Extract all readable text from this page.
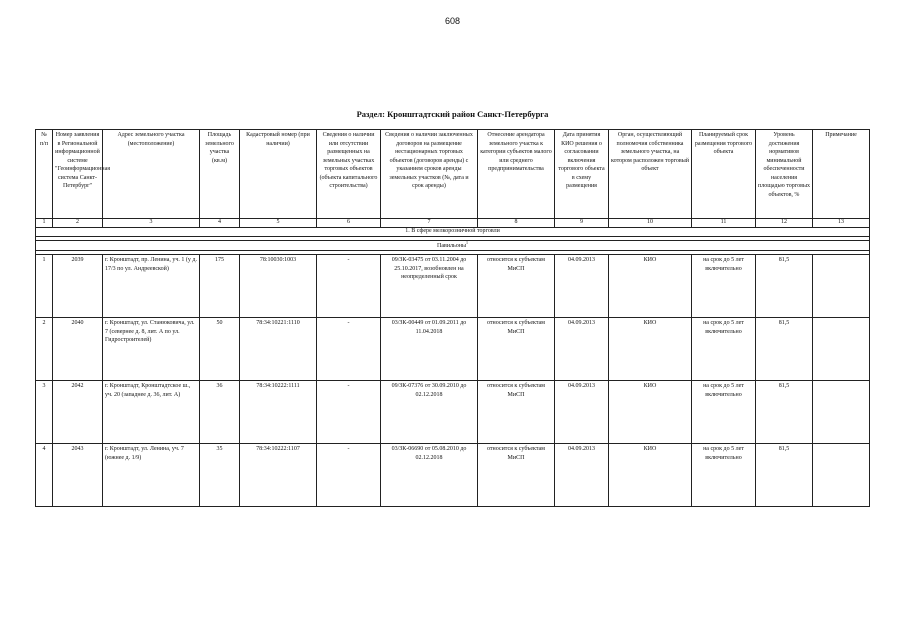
608
Раздел: Кронштадтский район Санкт-Петербурга
№ п/п	Номер заявления в Региональной информационной системе "Геоинформационная система Санкт-Петербург"	Адрес земельного участка (местоположение)	Площадь земельного участка (кв.м)	Кадастровый номер (при наличии)	Сведения о наличии или отсутствии размещенных на земельных участках торговых объектов (объекта капитального строительства)	Сведения о наличии заключенных договоров на размещение нестационарных торговых объектов (договоров аренды) с указанием сроков аренды земельных участков (№, дата и срок аренды)	Отнесение арендатора земельного участка к категории субъектов малого или среднего предпринимательства	Дата принятия КИО решения о согласовании включения торгового объекта в схему размещения	Орган, осуществляющий полномочия собственника земельного участка, на котором расположен торговый объект	Планируемый срок размещения торгового объекта	Уровень достижения нормативов минимальной обеспеченности населения площадью торговых объектов, %	Примечание
1	2	3	4	5	6	7	8	9	10	11	12	13
1. В сфере мелкорозничной торговли												

Павильоны$^1$

1	2039	г. Кронштадт, пр. Ленина, уч. 1 (у д. 17/3 по ул. Андреевской)	175	78:10030:1003	-	09/ЗК-03475 от 03.11.2004 до 25.10.2017, возобновлен на неопределенный срок	относится к субъектам МиСП	04.09.2013	КИО	на срок до 5 лет включительно	81,5	
2	2040	г. Кронштадт, ул. Станюковича, ул. 7 (севернее д. 8, лит. А по ул. Гидростроителей)	50	78:34:10221:1110	-	03/ЗК-00449 от 01.09.2011 до 11.04.2018	относится к субъектам МиСП	04.09.2013	КИО	на срок до 5 лет включительно	81,5	
3	2042	г. Кронштадт, Кронштадтское ш., уч. 20 (западнее д. 36, лит. А)	36	78:34:10222:1111	-	09/ЗК-07376 от 30.09.2010 до 02.12.2018	относится к субъектам МиСП	04.09.2013	КИО	на срок до 5 лет включительно	81,5	
4	2043	г. Кронштадт, ул. Ленина, уч. 7 (южнее д. 1/9)	35	78:34:10222:1107	-	03/ЗК-06690 от 05.08.2010 до 02.12.2018	относится к субъектам МиСП	04.09.2013	КИО	на срок до 5 лет включительно	81,5	
